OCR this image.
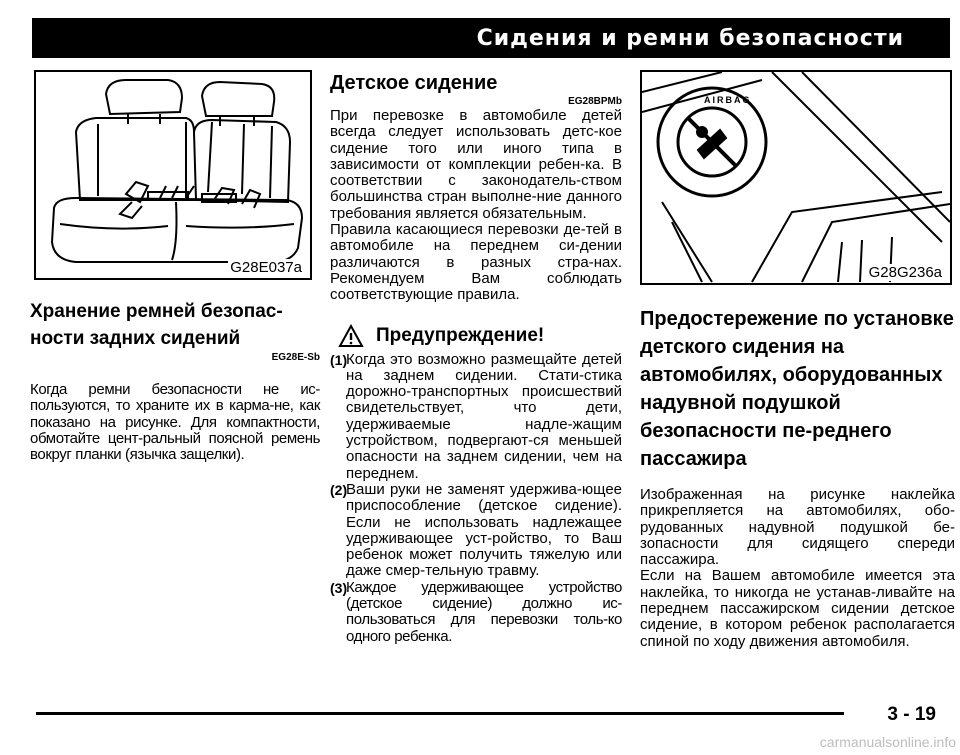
Сидения и ремни безопасности
G28E037a
Хранение ремней безопас-ности задних сидений
EG28E-Sb

Когда ремни безопасности не ис-пользуются, то храните их в карма-не, как показано на рисунке. Для компактности, обмотайте цент-ральный поясной ремень вокруг планки (язычка защелки).

Детское сидение
EG28BPMb

При перевозке в автомобиле детей всегда следует использовать детс-кое сидение того или иного типа в зависимости от комплекции ребен-ка. В соответствии с законодатель-ством большинства стран выполне-ние данного требования является обязательным.

Правила касающиеся перевозки де-тей в автомобиле на переднем си-дении различаются в разных стра-нах. Рекомендуем Вам соблюдать соответствующие правила.

Предупреждение!
(1)

Когда это возможно размещайте детей на заднем сидении. Стати-стика дорожно-транспортных происшествий свидетельствует, что дети, удерживаемые надле-жащим устройством, подвергают-ся меньшей опасности на заднем сидении, чем на переднем.

(2)

Ваши руки не заменят удержива-ющее приспособление (детское сидение). Если не использовать надлежащее удерживающее уст-ройство, то Ваш ребенок может получить тяжелую или даже смер-тельную травму.

(3)

Каждое удерживающее устройство (детское сидение) должно ис-пользоваться для перевозки толь-ко одного ребенка.

AIRBAG
G28G236a
Предостережение по установке детского сидения на автомобилях, оборудованных надувной подушкой безопасности пе-реднего пассажира

Изображенная на рисунке наклейка прикрепляется на автомобилях, обо-рудованных надувной подушкой бе-зопасности для сидящего спереди пассажира.

Если на Вашем автомобиле имеется эта наклейка, то никогда не устанав-ливайте на переднем пассажирском сидении детское сидение, в котором ребенок располагается спиной по ходу движения автомобиля.

3 - 19
carmanualsonline.info
